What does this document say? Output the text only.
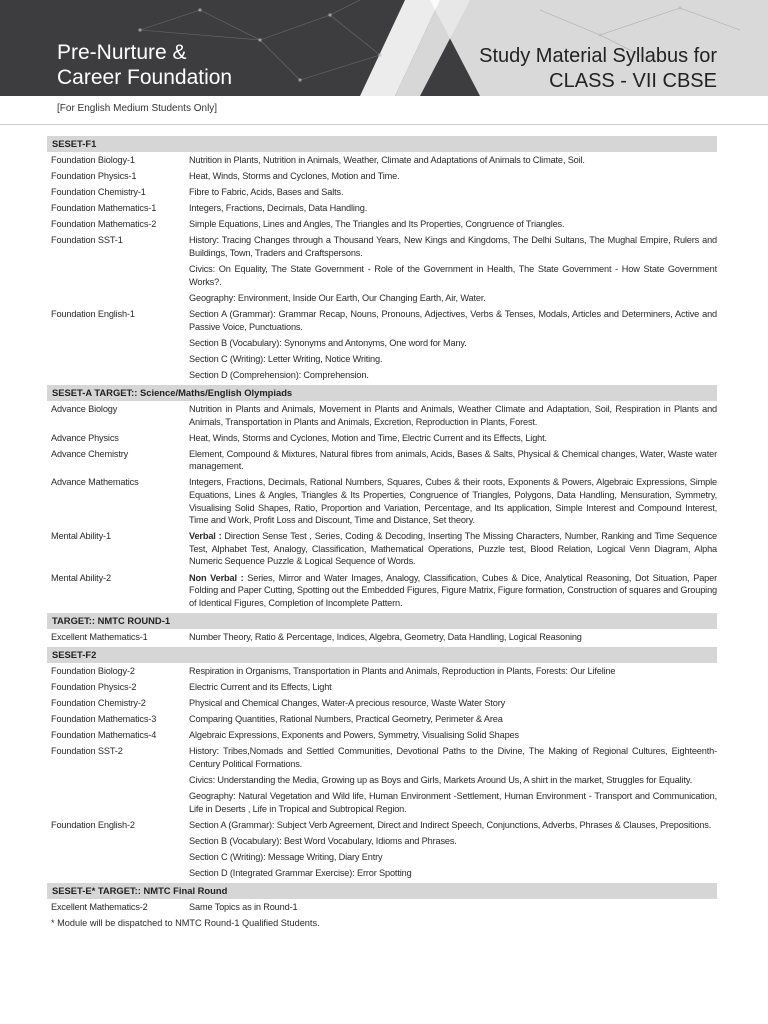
Pre-Nurture &
Career Foundation
Study Material Syllabus for
CLASS - VII CBSE
[For English Medium Students Only]
SESET-F1
Foundation Biology-1	Nutrition in Plants, Nutrition in Animals, Weather, Climate and Adaptations of Animals to Climate, Soil.
Foundation Physics-1	Heat, Winds, Storms and Cyclones, Motion and Time.
Foundation Chemistry-1	Fibre to Fabric, Acids, Bases and Salts.
Foundation Mathematics-1	Integers, Fractions, Decimals, Data Handling.
Foundation Mathematics-2	Simple Equations, Lines and Angles, The Triangles and Its Properties, Congruence of Triangles.
Foundation SST-1	History: Tracing Changes through a Thousand Years, New Kings and Kingdoms, The Delhi Sultans, The Mughal Empire, Rulers and Buildings, Town, Traders and Craftspersons.
Civics: On Equality, The State Government - Role of the Government in Health, The State Government - How State Government Works?.
Geography: Environment, Inside Our Earth, Our Changing Earth, Air, Water.
Foundation English-1	Section A (Grammar): Grammar Recap, Nouns, Pronouns, Adjectives, Verbs & Tenses, Modals, Articles and Determiners, Active and Passive Voice, Punctuations.
Section B (Vocabulary): Synonyms and Antonyms, One word for Many.
Section C (Writing): Letter Writing, Notice Writing.
Section D (Comprehension): Comprehension.
SESET-A TARGET:: Science/Maths/English Olympiads
Advance Biology	Nutrition in Plants and Animals, Movement in Plants and Animals, Weather Climate and Adaptation, Soil, Respiration in Plants and Animals, Transportation in Plants and Animals, Excretion, Reproduction in Plants, Forest.
Advance Physics	Heat, Winds, Storms and Cyclones, Motion and Time, Electric Current and its Effects, Light.
Advance Chemistry	Element, Compound & Mixtures, Natural fibres from animals, Acids, Bases & Salts, Physical & Chemical changes, Water, Waste water management.
Advance Mathematics	Integers, Fractions, Decimals, Rational Numbers, Squares, Cubes & their roots, Exponents & Powers, Algebraic Expressions, Simple Equations, Lines & Angles, Triangles & Its Properties, Congruence of Triangles, Polygons, Data Handling, Mensuration, Symmetry, Visualising Solid Shapes, Ratio, Proportion and Variation, Percentage, and Its application, Simple Interest and Compound Interest, Time and Work, Profit Loss and Discount, Time and Distance, Set theory.
Mental Ability-1	Verbal : Direction Sense Test , Series, Coding & Decoding, Inserting The Missing Characters, Number, Ranking and Time Sequence Test, Alphabet Test, Analogy, Classification, Mathematical Operations, Puzzle test, Blood Relation, Logical Venn Diagram, Alpha Numeric Sequence Puzzle & Logical Sequence of Words.
Mental Ability-2	Non Verbal : Series, Mirror and Water Images, Analogy, Classification, Cubes & Dice, Analytical Reasoning, Dot Situation, Paper Folding and Paper Cutting, Spotting out the Embedded Figures, Figure Matrix, Figure formation, Construction of squares and Grouping of Identical Figures, Completion of Incomplete Pattern.
TARGET:: NMTC ROUND-1
Excellent Mathematics-1	Number Theory, Ratio & Percentage, Indices, Algebra, Geometry, Data Handling, Logical Reasoning
SESET-F2
Foundation Biology-2	Respiration in Organisms, Transportation in Plants and Animals, Reproduction in Plants, Forests: Our Lifeline
Foundation Physics-2	Electric Current and its Effects, Light
Foundation Chemistry-2	Physical and Chemical Changes, Water-A precious resource, Waste Water Story
Foundation Mathematics-3	Comparing Quantities, Rational Numbers, Practical Geometry, Perimeter & Area
Foundation Mathematics-4	Algebraic Expressions, Exponents and Powers, Symmetry, Visualising Solid Shapes
Foundation SST-2	History: Tribes,Nomads and Settled Communities, Devotional Paths to the Divine, The Making of Regional Cultures, Eighteenth- Century Political Formations.
Civics: Understanding the Media, Growing up as Boys and Girls, Markets Around Us, A shirt in the market, Struggles for Equality.
Geography: Natural Vegetation and Wild life, Human Environment -Settlement, Human Environment - Transport and Communication, Life in Deserts , Life in Tropical and Subtropical Region.
Foundation English-2	Section A (Grammar): Subject Verb Agreement, Direct and Indirect Speech, Conjunctions, Adverbs, Phrases & Clauses, Prepositions.
Section B (Vocabulary): Best Word Vocabulary, Idioms and Phrases.
Section C (Writing): Message Writing, Diary Entry
Section D (Integrated Grammar Exercise): Error Spotting
SESET-E* TARGET:: NMTC Final Round
Excellent Mathematics-2	Same Topics as in Round-1
* Module will be dispatched to NMTC Round-1 Qualified Students.
